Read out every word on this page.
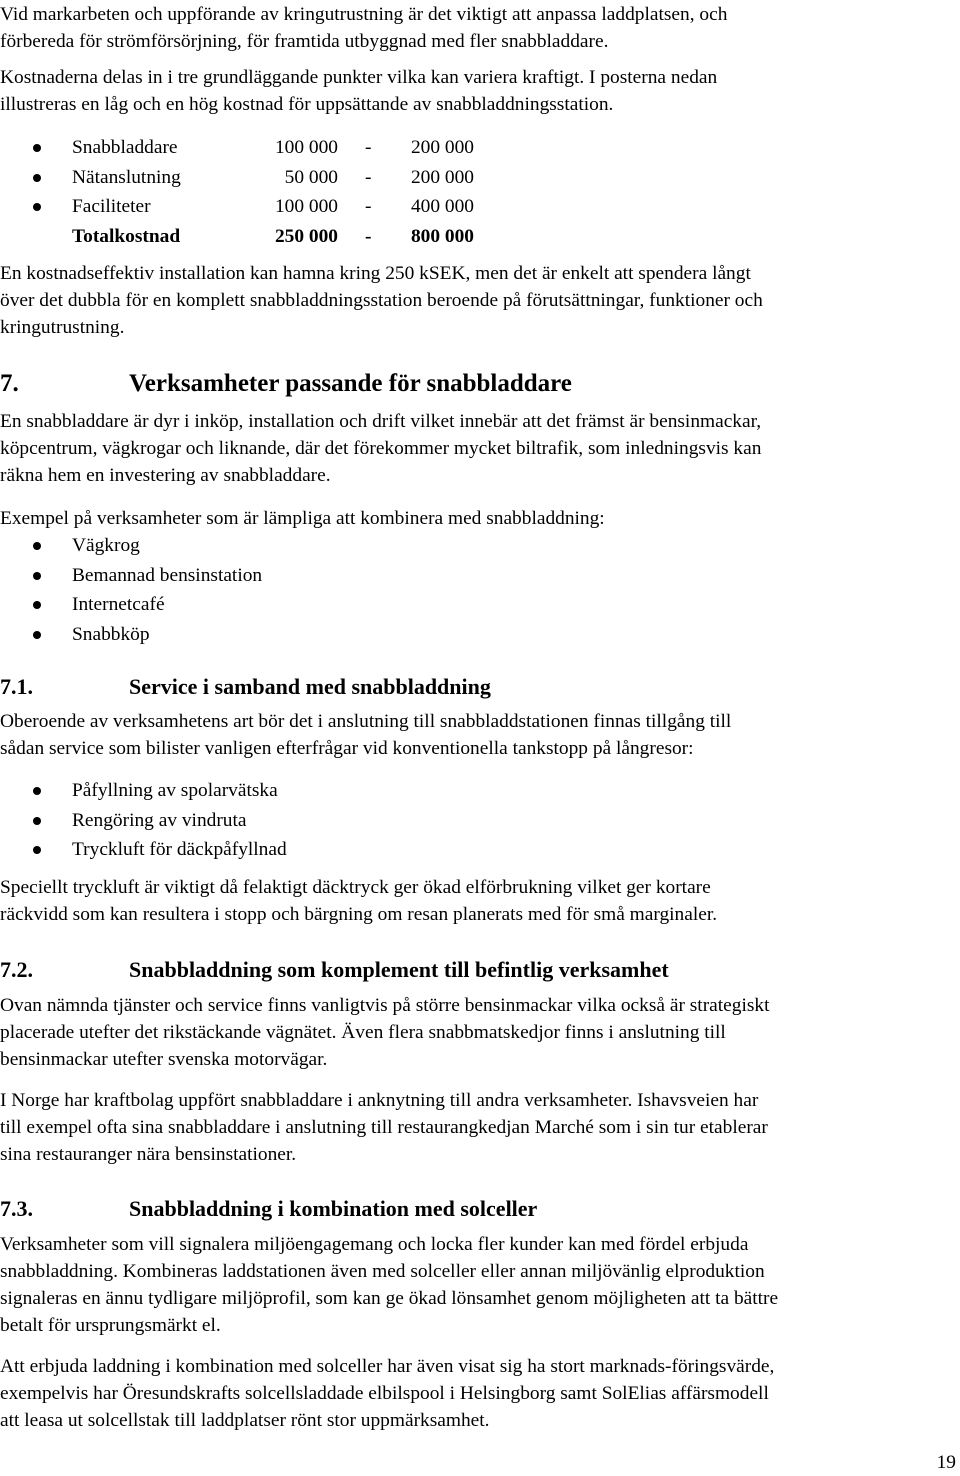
Vid markarbeten och uppförande av kringutrustning är det viktigt att anpassa laddplatsen, och
förbereda för strömförsörjning, för framtida utbyggnad med fler snabbladdare.
Kostnaderna delas in i tre grundläggande punkter vilka kan variera kraftigt. I posterna nedan
illustreras en låg och en hög kostnad för uppsättande av snabbladdningsstation.
Snabbladdare	100 000 - 200 000
Nätanslutning	50 000 - 200 000
Faciliteter	100 000 - 400 000
Totalkostnad	250 000 - 800 000
En kostnadseffektiv installation kan hamna kring 250 kSEK, men det är enkelt att spendera långt
över det dubbla för en komplett snabbladdningsstation beroende på förutsättningar, funktioner och
kringutrustning.
7.	Verksamheter passande för snabbladdare
En snabbladdare är dyr i inköp, installation och drift vilket innebär att det främst är bensinmackar,
köpcentrum, vägkrogar och liknande, där det förekommer mycket biltrafik, som inledningsvis kan
räkna hem en investering av snabbladdare.
Exempel på verksamheter som är lämpliga att kombinera med snabbladdning:
Vägkrog
Bemannad bensinstation
Internetcafé
Snabbköp
7.1.	Service i samband med snabbladdning
Oberoende av verksamhetens art bör det i anslutning till snabbladdstationen finnas tillgång till
sådan service som bilister vanligen efterfrågar vid konventionella tankstopp på långresor:
Påfyllning av spolarvätska
Rengöring av vindruta
Tryckluft för däckpåfyllnad
Speciellt tryckluft är viktigt då felaktigt däcktryck ger ökad elförbrukning vilket ger kortare
räckvidd som kan resultera i stopp och bärgning om resan planerats med för små marginaler.
7.2.	Snabbladdning som komplement till befintlig verksamhet
Ovan nämnda tjänster och service finns vanligtvis på större bensinmackar vilka också är strategiskt
placerade utefter det rikstäckande vägnätet. Även flera snabbmatskedjor finns i anslutning till
bensinmackar utefter svenska motorvägar.
I Norge har kraftbolag uppfört snabbladdare i anknytning till andra verksamheter. Ishavsveien har
till exempel ofta sina snabbladdare i anslutning till restaurangkedjan Marché som i sin tur etablerar
sina restauranger nära bensinstationer.
7.3.	Snabbladdning i kombination med solceller
Verksamheter som vill signalera miljöengagemang och locka fler kunder kan med fördel erbjuda
snabbladdning. Kombineras laddstationen även med solceller eller annan miljövänlig elproduktion
signaleras en ännu tydligare miljöprofil, som kan ge ökad lönsamhet genom möjligheten att ta bättre
betalt för ursprungsmärkt el.
Att erbjuda laddning i kombination med solceller har även visat sig ha stort marknads-föringsvärde,
exempelvis har Öresundskrafts solcellsladdade elbilspool i Helsingborg samt SolElias affärsmodell
att leasa ut solcellstak till laddplatser rönt stor uppmärksamhet.
19
